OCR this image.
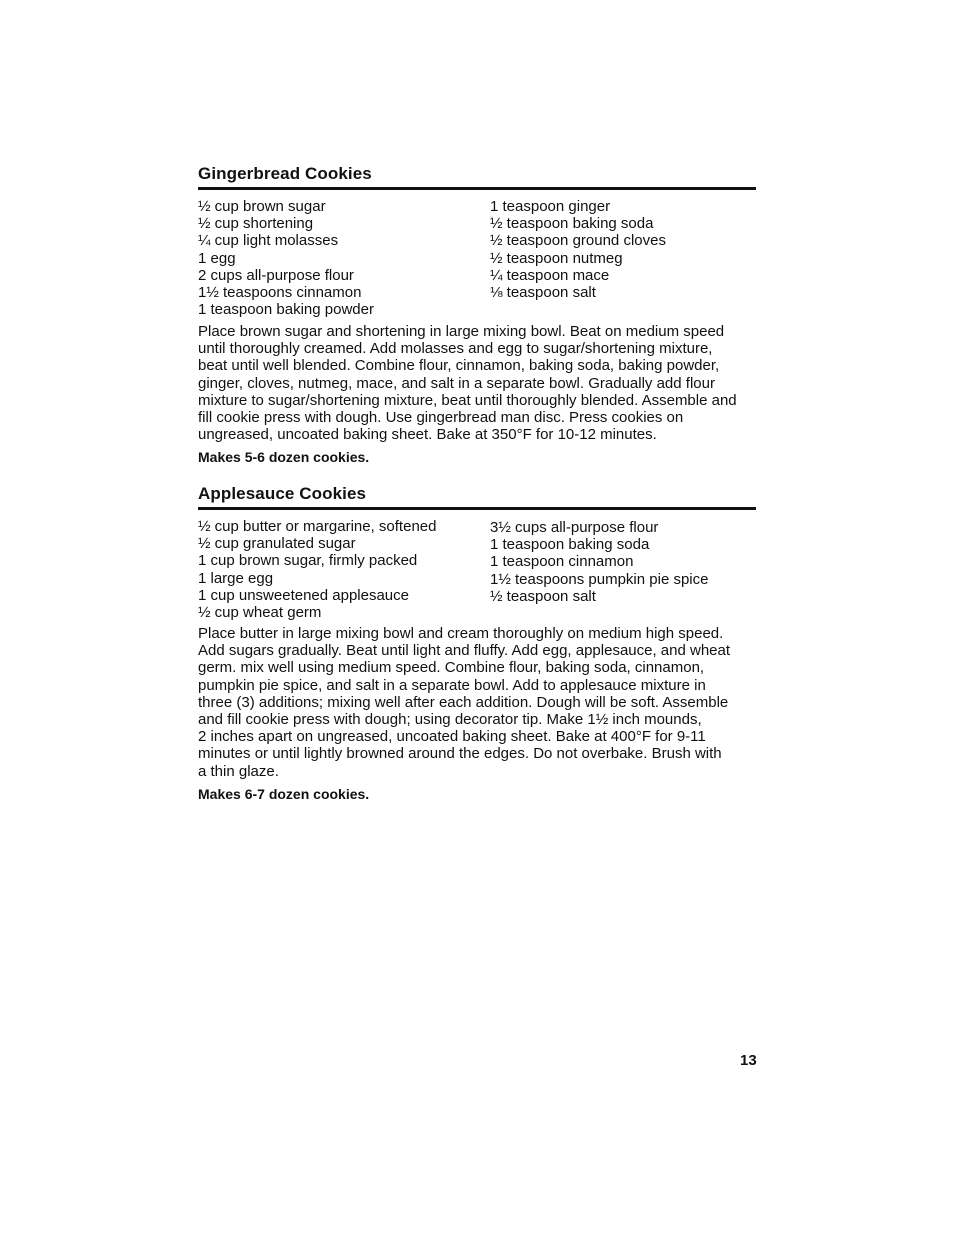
Gingerbread Cookies
½ cup brown sugar
½ cup shortening
¼ cup light molasses
1 egg
2 cups all-purpose flour
1½ teaspoons cinnamon
1 teaspoon baking powder
1 teaspoon ginger
½ teaspoon baking soda
½ teaspoon ground cloves
½ teaspoon nutmeg
¼ teaspoon mace
⅛ teaspoon salt

Place brown sugar and shortening in large mixing bowl. Beat on medium speed
until thoroughly creamed. Add molasses and egg to sugar/shortening mixture,
beat until well blended. Combine flour, cinnamon, baking soda, baking powder,
ginger, cloves, nutmeg, mace, and salt in a separate bowl. Gradually add flour
mixture to sugar/shortening mixture, beat until thoroughly blended. Assemble and
fill cookie press with dough. Use gingerbread man disc. Press cookies on
ungreased, uncoated baking sheet. Bake at 350°F for 10-12 minutes.

Makes 5-6 dozen cookies.

Applesauce Cookies
½ cup butter or margarine, softened
½ cup granulated sugar
1 cup brown sugar, firmly packed
1 large egg
1 cup unsweetened applesauce
½ cup wheat germ
3½ cups all-purpose flour
1 teaspoon baking soda
1 teaspoon cinnamon
1½ teaspoons pumpkin pie spice
½ teaspoon salt

Place butter in large mixing bowl and cream thoroughly on medium high speed.
Add sugars gradually. Beat until light and fluffy. Add egg, applesauce, and wheat
germ. mix well using medium speed. Combine flour, baking soda, cinnamon,
pumpkin pie spice, and salt in a separate bowl. Add to applesauce mixture in
three (3) additions; mixing well after each addition. Dough will be soft. Assemble
and fill cookie press with dough; using decorator tip. Make 1½ inch mounds,
2 inches apart on ungreased, uncoated baking sheet. Bake at 400°F for 9-11
minutes or until lightly browned around the edges. Do not overbake. Brush with
a thin glaze.

Makes 6-7 dozen cookies.

13
